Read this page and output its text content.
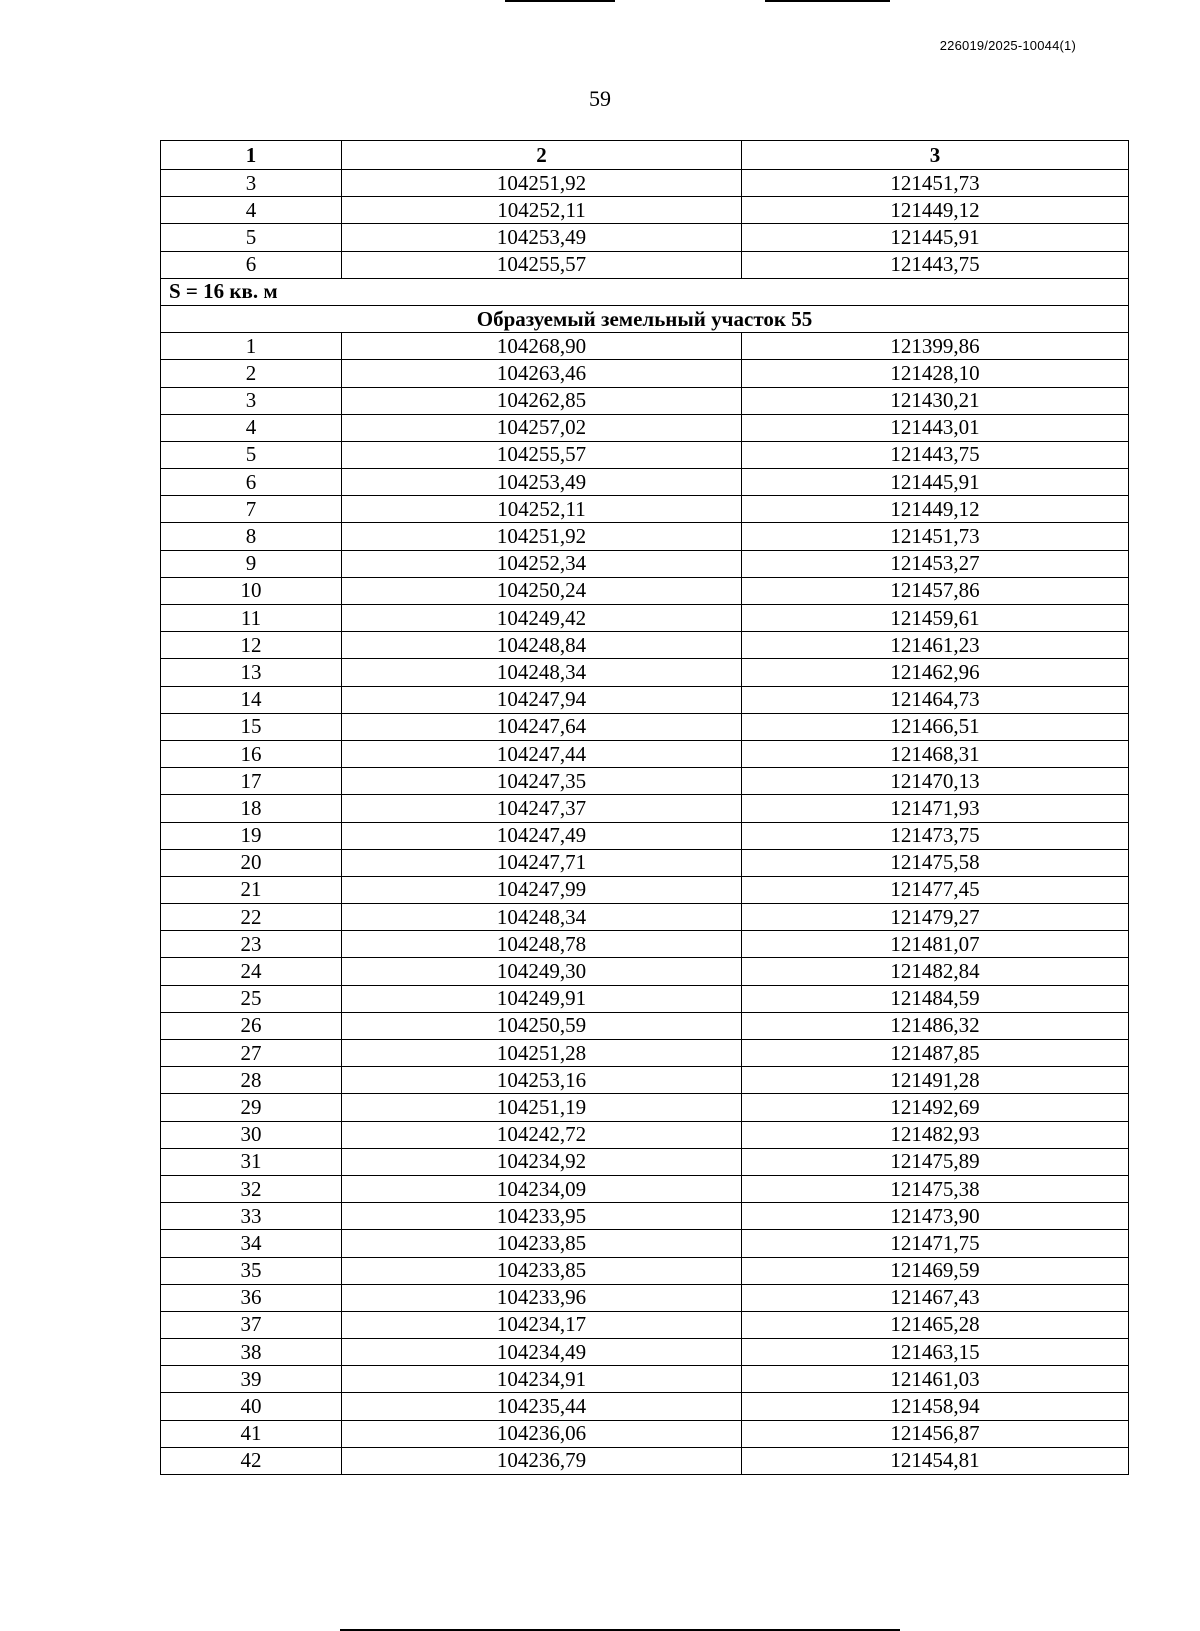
226019/2025-10044(1)
59
1	2	3
3	104251,92	121451,73
4	104252,11	121449,12
5	104253,49	121445,91
6	104255,57	121443,75
S = 16 кв. м		
Образуемый земельный участок 55		
1	104268,90	121399,86
2	104263,46	121428,10
3	104262,85	121430,21
4	104257,02	121443,01
5	104255,57	121443,75
6	104253,49	121445,91
7	104252,11	121449,12
8	104251,92	121451,73
9	104252,34	121453,27
10	104250,24	121457,86
11	104249,42	121459,61
12	104248,84	121461,23
13	104248,34	121462,96
14	104247,94	121464,73
15	104247,64	121466,51
16	104247,44	121468,31
17	104247,35	121470,13
18	104247,37	121471,93
19	104247,49	121473,75
20	104247,71	121475,58
21	104247,99	121477,45
22	104248,34	121479,27
23	104248,78	121481,07
24	104249,30	121482,84
25	104249,91	121484,59
26	104250,59	121486,32
27	104251,28	121487,85
28	104253,16	121491,28
29	104251,19	121492,69
30	104242,72	121482,93
31	104234,92	121475,89
32	104234,09	121475,38
33	104233,95	121473,90
34	104233,85	121471,75
35	104233,85	121469,59
36	104233,96	121467,43
37	104234,17	121465,28
38	104234,49	121463,15
39	104234,91	121461,03
40	104235,44	121458,94
41	104236,06	121456,87
42	104236,79	121454,81
